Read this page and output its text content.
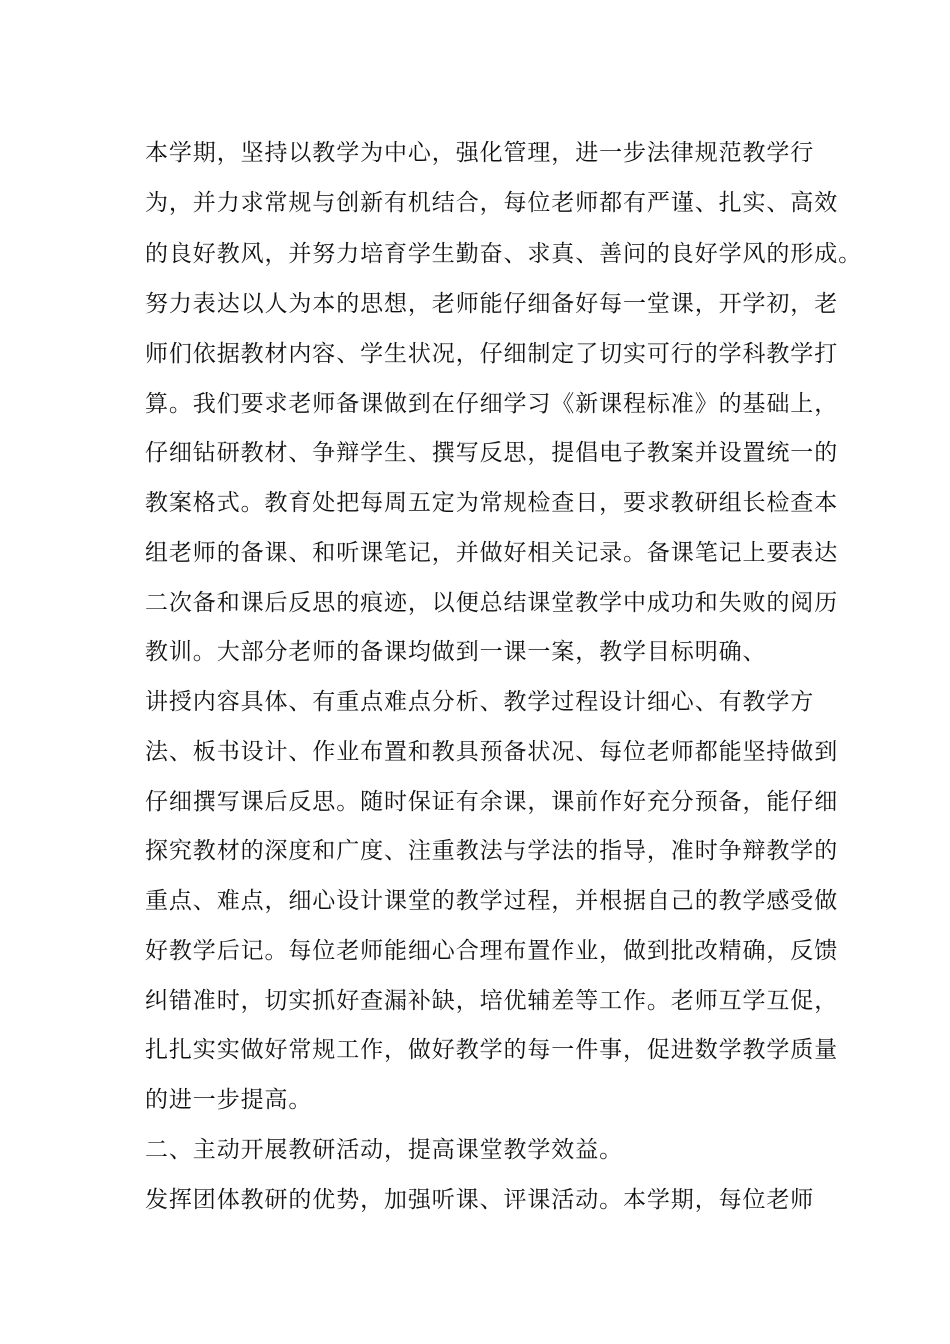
本学期，坚持以教学为中心，强化管理，进一步法律规范教学行
为，并力求常规与创新有机结合，每位老师都有严谨、扎实、高效
的良好教风，并努力培育学生勤奋、求真、善问的良好学风的形成。
努力表达以人为本的思想，老师能仔细备好每一堂课，开学初，老
师们依据教材内容、学生状况，仔细制定了切实可行的学科教学打
算。我们要求老师备课做到在仔细学习《新课程标准》的基础上，
仔细钻研教材、争辩学生、撰写反思，提倡电子教案并设置统一的
教案格式。教育处把每周五定为常规检查日，要求教研组长检查本
组老师的备课、和听课笔记，并做好相关记录。备课笔记上要表达
二次备和课后反思的痕迹，以便总结课堂教学中成功和失败的阅历
教训。大部分老师的备课均做到一课一案，教学目标明确、
讲授内容具体、有重点难点分析、教学过程设计细心、有教学方
法、板书设计、作业布置和教具预备状况、每位老师都能坚持做到
仔细撰写课后反思。随时保证有余课，课前作好充分预备，能仔细
探究教材的深度和广度、注重教法与学法的指导，准时争辩教学的
重点、难点，细心设计课堂的教学过程，并根据自己的教学感受做
好教学后记。每位老师能细心合理布置作业，做到批改精确，反馈
纠错准时，切实抓好查漏补缺，培优辅差等工作。老师互学互促，
扎扎实实做好常规工作，做好教学的每一件事，促进数学教学质量
的进一步提高。
二、主动开展教研活动，提高课堂教学效益。
发挥团体教研的优势，加强听课、评课活动。本学期，每位老师
